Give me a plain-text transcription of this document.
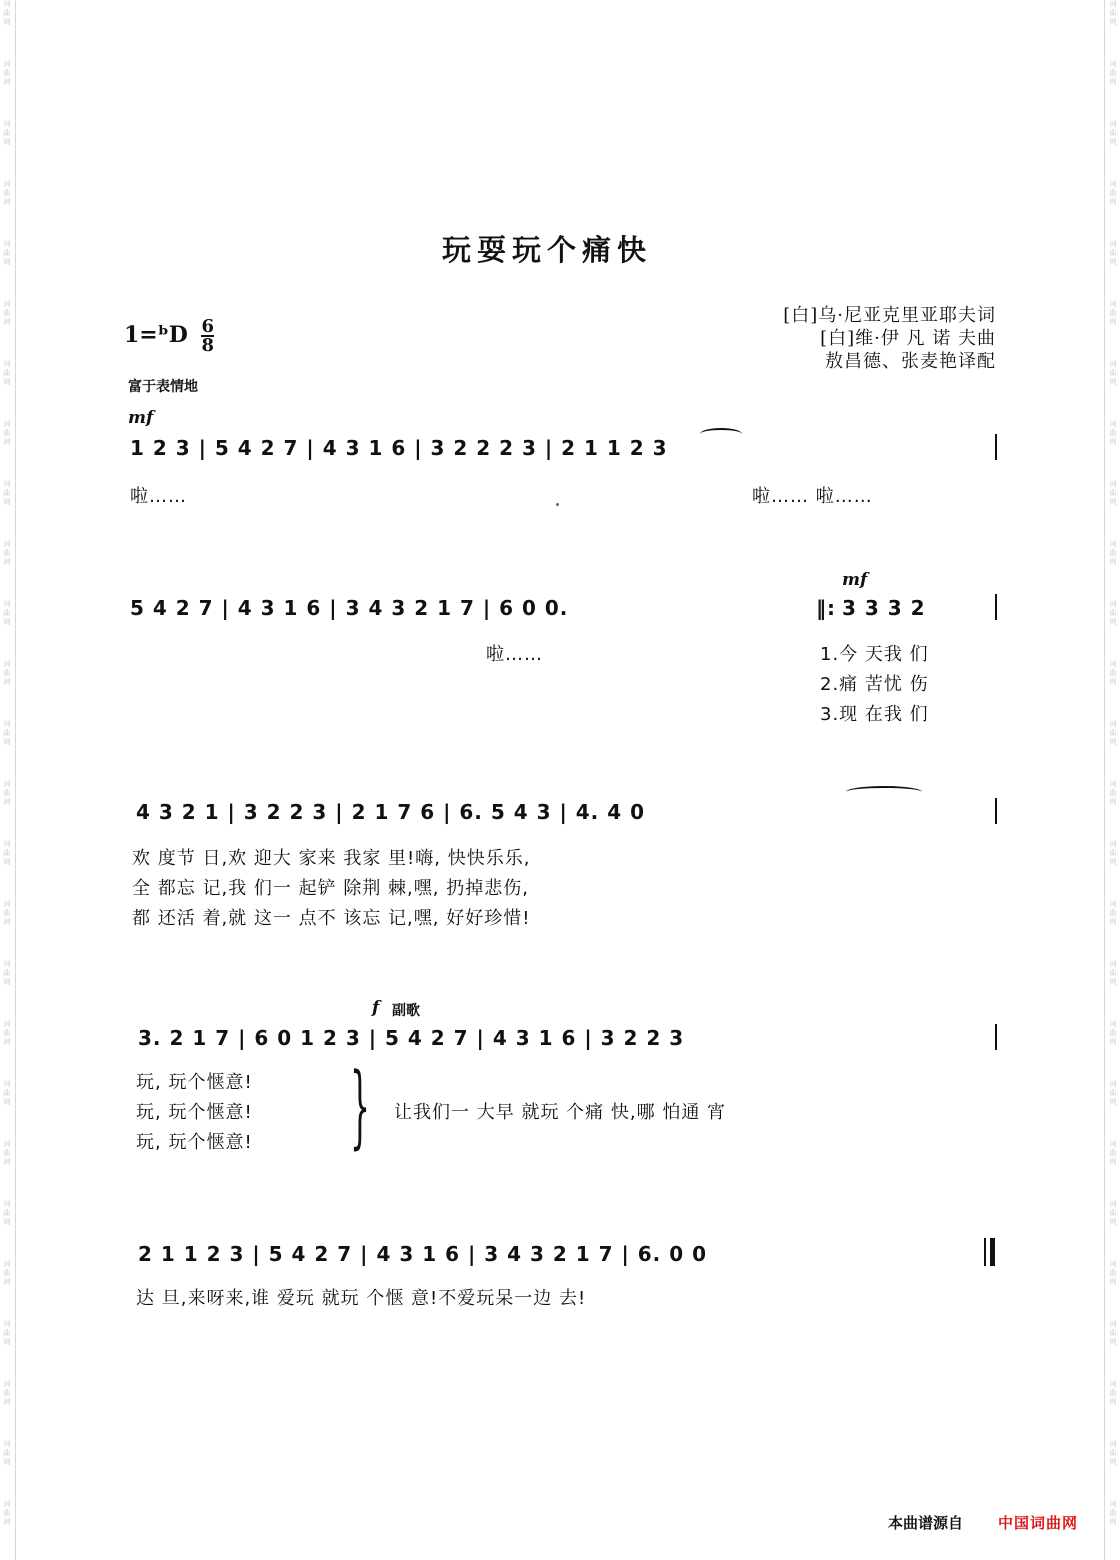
词曲网
词曲网
词曲网
词曲网
词曲网
词曲网
词曲网
词曲网
词曲网
词曲网
词曲网
词曲网
词曲网
词曲网
词曲网
词曲网
词曲网
词曲网
词曲网
词曲网
词曲网
词曲网
词曲网
词曲网
词曲网
词曲网
词曲网
词曲网
词曲网
词曲网
词曲网
词曲网
词曲网
词曲网
词曲网
词曲网
词曲网
词曲网
词曲网
词曲网
词曲网
词曲网
词曲网
词曲网
词曲网
词曲网
词曲网
词曲网
词曲网
词曲网
词曲网
词曲网
玩耍玩个痛快
[白]乌·尼亚克里亚耶夫词
[白]维·伊 凡 诺 夫曲
敖昌德、张麦艳译配
1=ᵇD $\frac{6}{8}$
富于表情地
mf
1 2 3 | 5 4 2 7 | 4 3 1 6 | 3 2 2 2 3 | 2 1 1 2 3
啦……	啦…… 啦……
5 4 2 7 | 4 3 1 6 | 3 4 3 2 1 7 | 6 0 0.
mf
‖: 3 3 3 2
啦……	1.今 天我 们
2.痛 苦忧 伤
3.现 在我 们
4 3 2 1 | 3 2 2 3 | 2 1 7 6 | 6. 5 4 3 | 4. 4 0
欢 度节 日,欢 迎大 家来 我家 里!嗨, 快快乐乐,
全 都忘 记,我 们一 起铲 除荆 棘,嘿, 扔掉悲伤,
都 还活 着,就 这一 点不 该忘 记,嘿, 好好珍惜!
f 副歌
3. 2 1 7 | 6 0 1 2 3 | 5 4 2 7 | 4 3 1 6 | 3 2 2 3
玩, 玩个惬意!
玩, 玩个惬意!
玩, 玩个惬意! } 让我们一 大早 就玩 个痛 快,哪 怕通 宵
2 1 1 2 3 | 5 4 2 7 | 4 3 1 6 | 3 4 3 2 1 7 | 6. 0 0
达 旦,来呀来,谁 爱玩 就玩 个惬 意!不爱玩呆一边 去!
本曲谱源自 中国词曲网
